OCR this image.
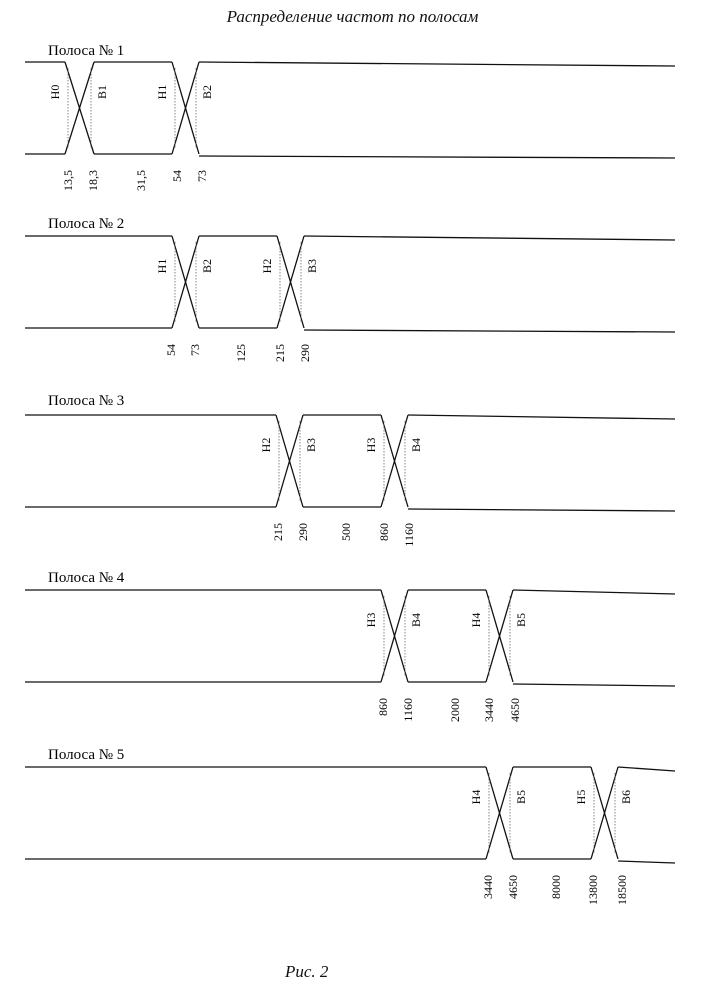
Распределение частот по полосам
Полоса № 1
Н0	В1	Н1	В2
13,5 18,3	31,5 54 73
Полоса № 2
Н1	В2	Н2	В3
54 73	125 215 290
Полоса № 3
Н2	В3	Н3	В4
215 290 500 860 1160
Полоса № 4
Н3	В4	Н4	В5
860 1160	2000 3440 4650
Полоса № 5
Н4	В5	Н5	В6
3440 4650 8000 13800 18500
Рис. 2
